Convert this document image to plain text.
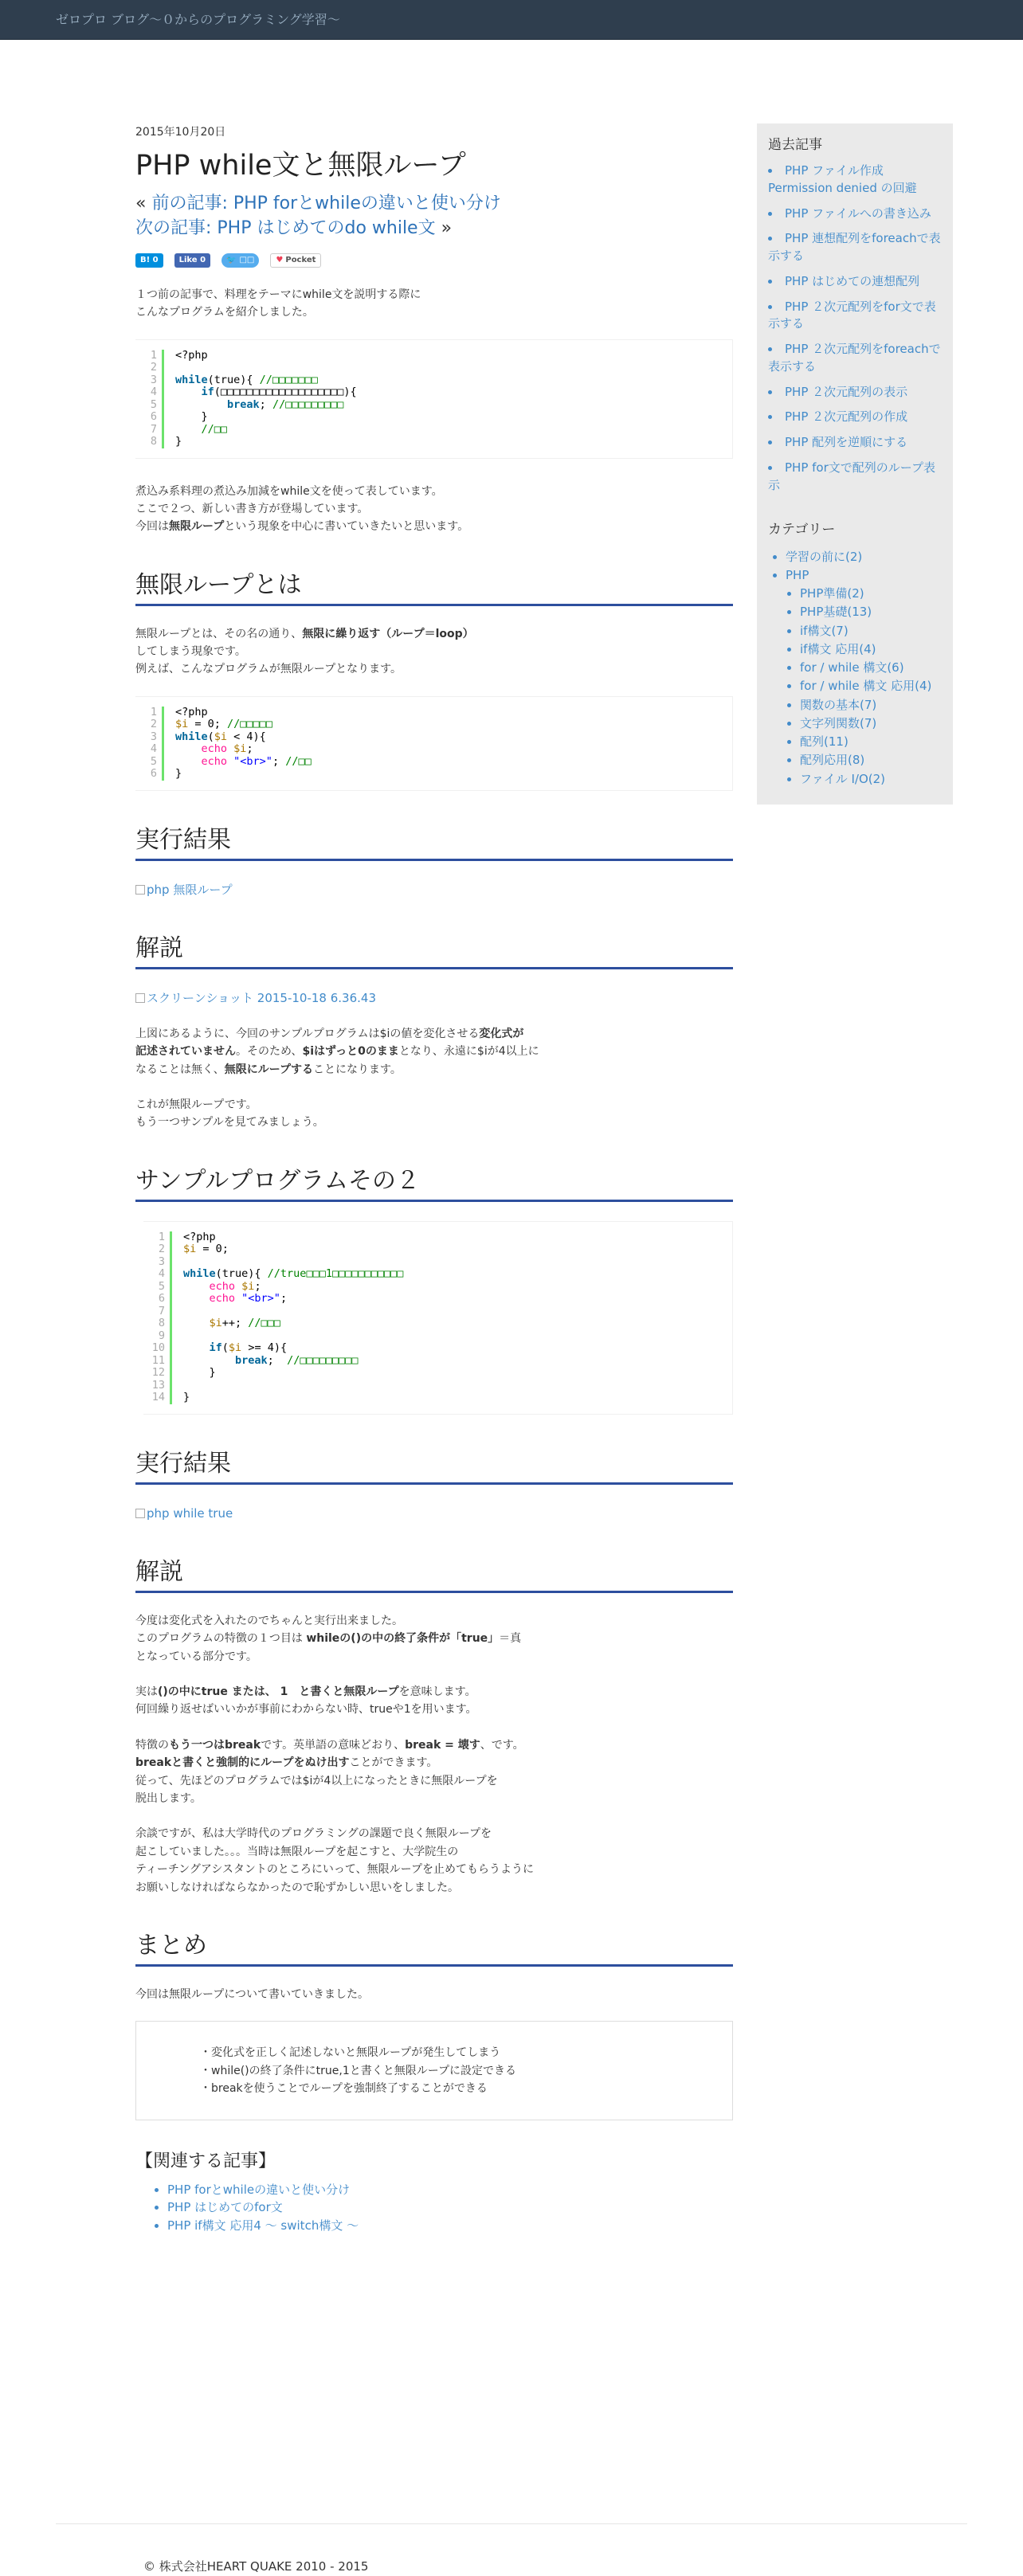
ゼロプロ ブログ〜０からのプログラミング学習〜
2015年10月20日
PHP while文と無限ループ
« 前の記事: PHP forとwhileの違いと使い分け
次の記事: PHP はじめてのdo while文 »
B! 0	Like 0	🐦 □□	♥ Pocket

１つ前の記事で、料理をテーマにwhile文を説明する際に
こんなプログラムを紹介しました。

1
2
3
4
5
6
7
8
<?php

while(true){ //□□□□□□□
if(□□□□□□□□□□□□□□□□□□□){
break; //□□□□□□□□□
}
//□□
}

煮込み系料理の煮込み加減をwhile文を使って表しています。
ここで２つ、新しい書き方が登場しています。
今回は無限ループという現象を中心に書いていきたいと思います。

無限ループとは

無限ループとは、その名の通り、無限に繰り返す（ループ＝loop）
してしまう現象です。
例えば、こんなプログラムが無限ループとなります。

1
2
3
4
5
6
<?php
$i = 0; //□□□□□
while($i < 4){
echo $i;
echo "<br>"; //□□
}
実行結果
php 無限ループ
解説
スクリーンショット 2015-10-18 6.36.43

上図にあるように、今回のサンプルプログラムは$iの値を変化させる変化式が
記述されていません。そのため、$iはずっと0のままとなり、永遠に$iが4以上に
なることは無く、無限にループすることになります。

これが無限ループです。
もう一つサンプルを見てみましょう。

サンプルプログラムその２
1
2
3
4
5
6
7
8
9
10
11
12
13
14
<?php
$i = 0;

while(true){ //true□□□1□□□□□□□□□□□
echo $i;
echo "<br>";

$i++; //□□□

if($i >= 4){
break;  //□□□□□□□□□
}

}
実行結果
php while true
解説

今度は変化式を入れたのでちゃんと実行出来ました。
このプログラムの特徴の１つ目は whileの()の中の終了条件が「true」＝真
となっている部分です。

実は()の中にtrue または、 1　と書くと無限ループを意味します。
何回繰り返せばいいかが事前にわからない時、trueや1を用います。

特徴のもう一つはbreakです。英単語の意味どおり、break = 壊す、です。
breakと書くと強制的にループをぬけ出すことができます。
従って、先ほどのプログラムでは$iが4以上になったときに無限ループを
脱出します。

余談ですが、私は大学時代のプログラミングの課題で良く無限ループを
起こしていました。。。当時は無限ループを起こすと、大学院生の
ティーチングアシスタントのところにいって、無限ループを止めてもらうように
お願いしなければならなかったので恥ずかしい思いをしました。

まとめ

今回は無限ループについて書いていきました。

・変化式を正しく記述しないと無限ループが発生してしまう
・while()の終了条件にtrue,1と書くと無限ループに設定できる
・breakを使うことでループを強制終了することができる
【関連する記事】
• PHP forとwhileの違いと使い分け
• PHP はじめてのfor文
• PHP if構文 応用4 〜 switch構文 〜
過去記事
• PHP ファイル作成 Permission denied の回避
• PHP ファイルへの書き込み
• PHP 連想配列をforeachで表示する
• PHP はじめての連想配列
• PHP ２次元配列をfor文で表示する
• PHP ２次元配列をforeachで表示する
• PHP ２次元配列の表示
• PHP ２次元配列の作成
• PHP 配列を逆順にする
• PHP for文で配列のループ表示
カテゴリー
• 学習の前に(2)
• PHP
• PHP準備(2)
• PHP基礎(13)
• if構文(7)
• if構文 応用(4)
• for / while 構文(6)
• for / while 構文 応用(4)
• 関数の基本(7)
• 文字列関数(7)
• 配列(11)
• 配列応用(8)
• ファイル I/O(2)
© 株式会社HEART QUAKE 2010 - 2015
